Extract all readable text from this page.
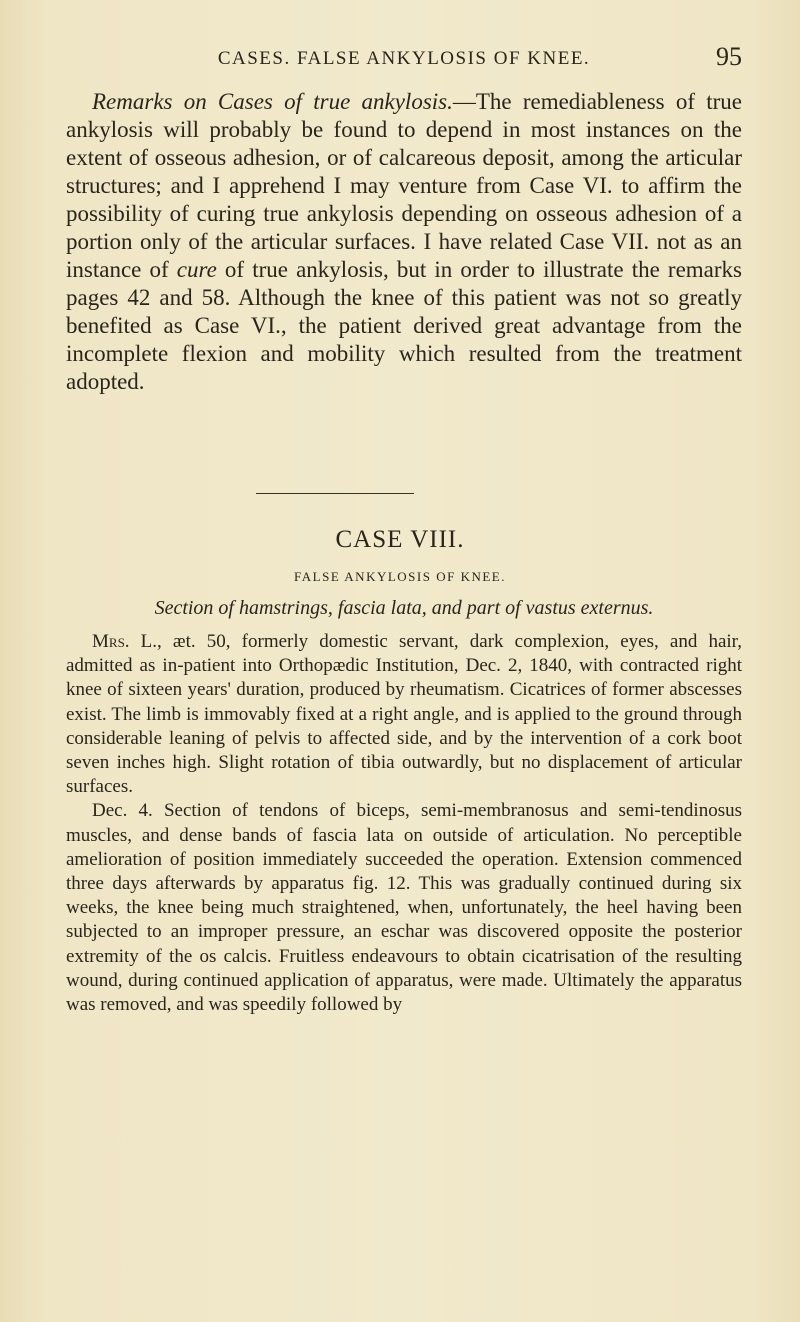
CASES. FALSE ANKYLOSIS OF KNEE.	95

Remarks on Cases of true ankylosis.—The remediableness of true ankylosis will probably be found to depend in most instances on the extent of osseous adhesion, or of calcareous deposit, among the articular structures; and I apprehend I may venture from Case VI. to affirm the possibility of curing true ankylosis depending on osseous adhesion of a portion only of the articular surfaces. I have related Case VII. not as an instance of cure of true ankylosis, but in order to illustrate the remarks pages 42 and 58. Although the knee of this patient was not so greatly benefited as Case VI., the patient derived great advantage from the incomplete flexion and mobility which resulted from the treatment adopted.

CASE VIII.
FALSE ANKYLOSIS OF KNEE.
Section of hamstrings, fascia lata, and part of vastus externus.

Mrs. L., æt. 50, formerly domestic servant, dark complexion, eyes, and hair, admitted as in-patient into Orthopædic Institution, Dec. 2, 1840, with contracted right knee of sixteen years' duration, produced by rheumatism. Cicatrices of former abscesses exist. The limb is immovably fixed at a right angle, and is applied to the ground through considerable leaning of pelvis to affected side, and by the intervention of a cork boot seven inches high. Slight rotation of tibia outwardly, but no displacement of articular surfaces.

Dec. 4. Section of tendons of biceps, semi-membranosus and semi-tendinosus muscles, and dense bands of fascia lata on outside of articulation. No perceptible amelioration of position immediately succeeded the operation. Extension commenced three days afterwards by apparatus fig. 12. This was gradually continued during six weeks, the knee being much straightened, when, unfortunately, the heel having been subjected to an improper pressure, an eschar was discovered opposite the posterior extremity of the os calcis. Fruitless endeavours to obtain cicatrisation of the resulting wound, during continued application of apparatus, were made. Ultimately the apparatus was removed, and was speedily followed by
